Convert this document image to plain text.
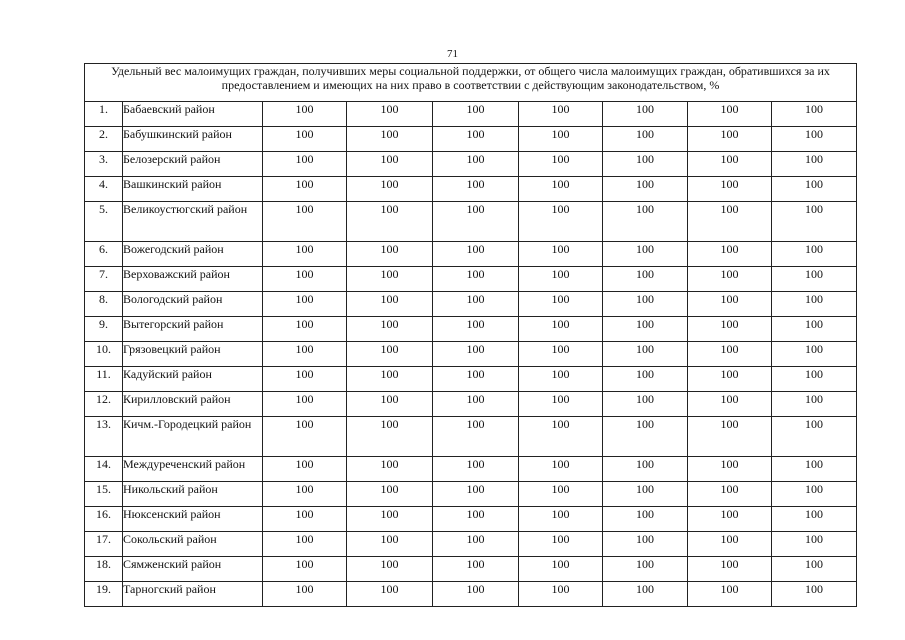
71
Удельный вес малоимущих граждан, получивших меры социальной поддержки, от общего числа малоимущих граждан, обратившихся за их предоставлением и имеющих на них право в соответствии с действующим законодательством, %								
1.	Бабаевский район	100	100	100	100	100	100	100
2.	Бабушкинский район	100	100	100	100	100	100	100
3.	Белозерский район	100	100	100	100	100	100	100
4.	Вашкинский район	100	100	100	100	100	100	100
5.	Великоустюгский район	100	100	100	100	100	100	100
6.	Вожегодский район	100	100	100	100	100	100	100
7.	Верховажский район	100	100	100	100	100	100	100
8.	Вологодский район	100	100	100	100	100	100	100
9.	Вытегорский район	100	100	100	100	100	100	100
10.	Грязовецкий район	100	100	100	100	100	100	100
11.	Кадуйский район	100	100	100	100	100	100	100
12.	Кирилловский район	100	100	100	100	100	100	100
13.	Кичм.-Городецкий район	100	100	100	100	100	100	100
14.	Междуреченский район	100	100	100	100	100	100	100
15.	Никольский район	100	100	100	100	100	100	100
16.	Нюксенский район	100	100	100	100	100	100	100
17.	Сокольский район	100	100	100	100	100	100	100
18.	Сямженский район	100	100	100	100	100	100	100
19.	Тарногский район	100	100	100	100	100	100	100
